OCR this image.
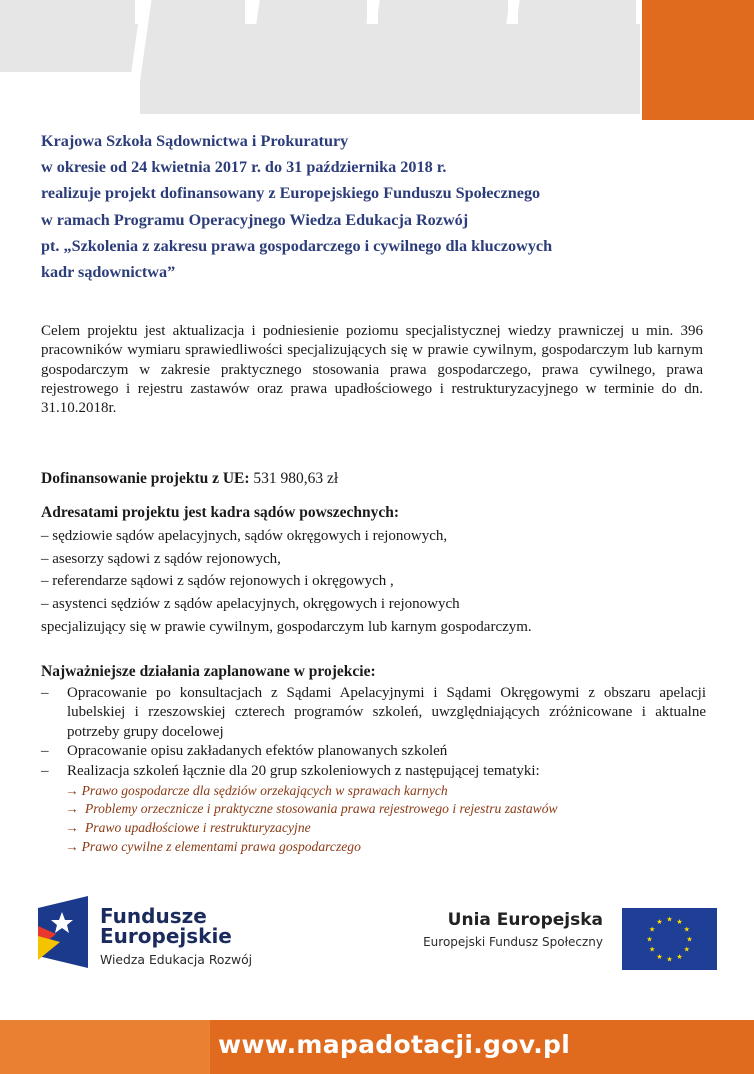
Krajowa Szkoła Sądownictwa i Prokuratury
w okresie od 24 kwietnia 2017 r. do 31 października 2018 r.
realizuje projekt dofinansowany z Europejskiego Funduszu Społecznego
w ramach Programu Operacyjnego Wiedza Edukacja Rozwój
pt. „Szkolenia z zakresu prawa gospodarczego i cywilnego dla kluczowych
kadr sądownictwa”
Celem projektu jest aktualizacja i podniesienie poziomu specjalistycznej wiedzy prawniczej u min. 396 pracowników wymiaru sprawiedliwości specjalizujących się w prawie cywilnym, gospodarczym lub karnym gospodarczym w zakresie praktycznego stosowania prawa gospodarczego, prawa cywilnego, prawa rejestrowego i rejestru zastawów oraz prawa upadłościowego i restrukturyzacyjnego w terminie do dn. 31.10.2018r.
Dofinansowanie projektu z UE: 531 980,63 zł
Adresatami projektu jest kadra sądów powszechnych:
– sędziowie sądów apelacyjnych, sądów okręgowych i rejonowych,
– asesorzy sądowi z sądów rejonowych,
– referendarze sądowi z sądów rejonowych i okręgowych ,
– asystenci sędziów z sądów apelacyjnych, okręgowych i rejonowych
specjalizujący się w prawie cywilnym, gospodarczym lub karnym gospodarczym.
Najważniejsze działania zaplanowane w projekcie:
– Opracowanie po konsultacjach z Sądami Apelacyjnymi i Sądami Okręgowymi z obszaru apelacji lubelskiej i rzeszowskiej czterech programów szkoleń, uwzględniających zróżnicowane i aktualne potrzeby grupy docelowej
– Opracowanie opisu zakładanych efektów planowanych szkoleń
– Realizacja szkoleń łącznie dla 20 grup szkoleniowych z następującej tematyki:
→ Prawo gospodarcze dla sędziów orzekających w sprawach karnych
→ Problemy orzecznicze i praktyczne stosowania prawa rejestrowego i rejestru zastawów
→ Prawo upadłościowe i restrukturyzacyjne
→ Prawo cywilne z elementami prawa gospodarczego
Fundusze
Europejskie
Wiedza Edukacja Rozwój
Unia Europejska
Europejski Fundusz Społeczny
★ ★
★
★
★
★
★
★
★
★
★
★
www.mapadotacji.gov.pl
